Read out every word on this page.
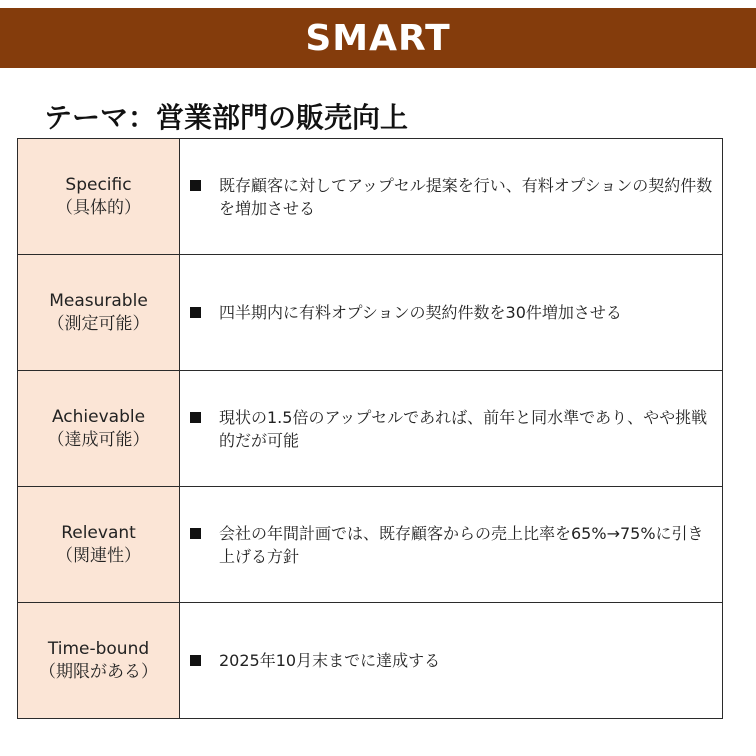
SMART
テーマ：営業部門の販売向上
Specific
（具体的）	既存顧客に対してアップセル提案を行い、有料オプションの契約件数を増加させる

Measurable
（測定可能）	四半期内に有料オプションの契約件数を30件増加させる

Achievable
（達成可能）	現状の1.5倍のアップセルであれば、前年と同水準であり、やや挑戦的だが可能

Relevant
（関連性）	会社の年間計画では、既存顧客からの売上比率を65%→75%に引き上げる方針

Time-bound
（期限がある）	2025年10月末までに達成する
